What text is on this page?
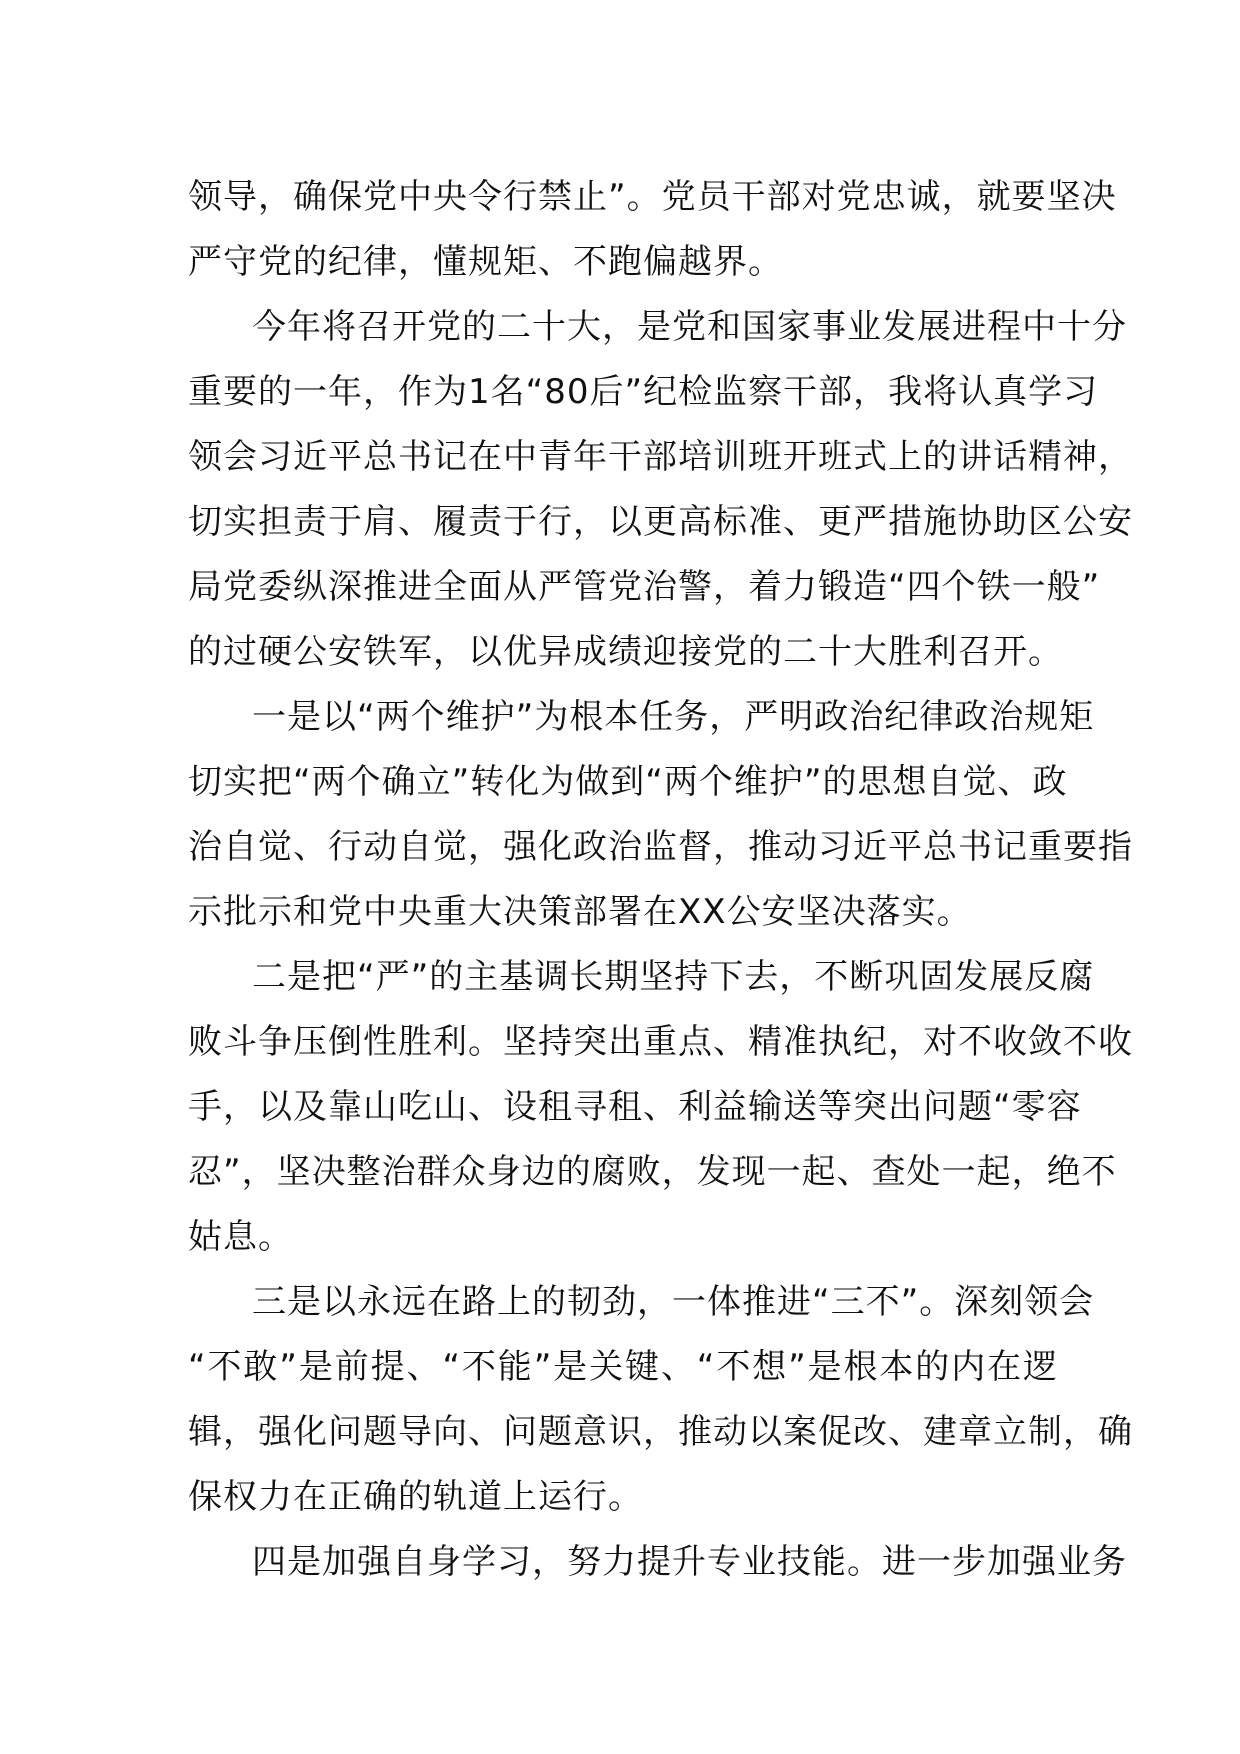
领导，确保党中央令行禁止”。党员干部对党忠诚，就要坚决
严守党的纪律，懂规矩、不跑偏越界。
今年将召开党的二十大，是党和国家事业发展进程中十分
重要的一年，作为1名“80后”纪检监察干部，我将认真学习
领会习近平总书记在中青年干部培训班开班式上的讲话精神，
切实担责于肩、履责于行，以更高标准、更严措施协助区公安
局党委纵深推进全面从严管党治警，着力锻造“四个铁一般”
的过硬公安铁军，以优异成绩迎接党的二十大胜利召开。
一是以“两个维护”为根本任务，严明政治纪律政治规矩
切实把“两个确立”转化为做到“两个维护”的思想自觉、政
治自觉、行动自觉，强化政治监督，推动习近平总书记重要指
示批示和党中央重大决策部署在XX公安坚决落实。
二是把“严”的主基调长期坚持下去，不断巩固发展反腐
败斗争压倒性胜利。坚持突出重点、精准执纪，对不收敛不收
手，以及靠山吃山、设租寻租、利益输送等突出问题“零容
忍”，坚决整治群众身边的腐败，发现一起、查处一起，绝不
姑息。
三是以永远在路上的韧劲，一体推进“三不”。深刻领会
“不敢”是前提、“不能”是关键、“不想”是根本的内在逻
辑，强化问题导向、问题意识，推动以案促改、建章立制，确
保权力在正确的轨道上运行。
四是加强自身学习，努力提升专业技能。进一步加强业务
